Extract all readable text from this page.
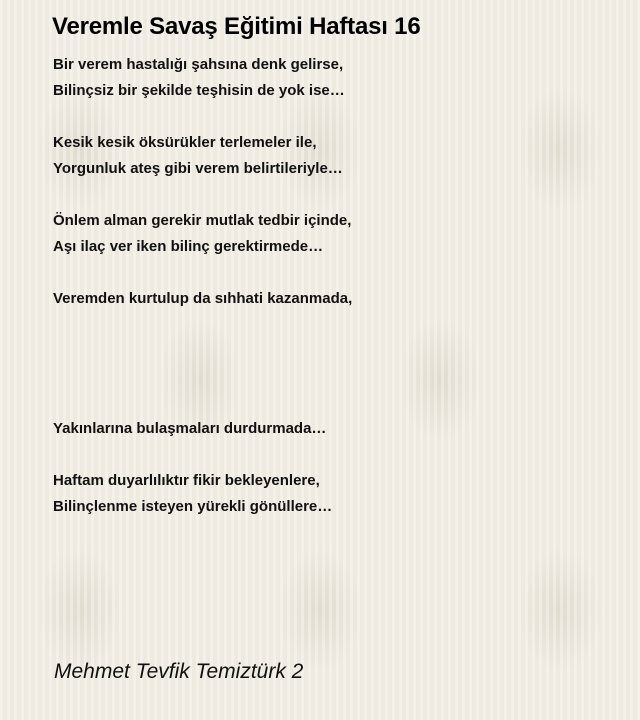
Veremle Savaş Eğitimi Haftası 16
Bir verem hastalığı şahsına denk gelirse,
Bilinçsiz bir şekilde teşhisin de yok ise…
Kesik kesik öksürükler terlemeler ile,
Yorgunluk ateş gibi verem belirtileriyle…
Önlem alman gerekir mutlak tedbir içinde,
Aşı ilaç ver iken bilinç gerektirmede…
Veremden kurtulup da sıhhati kazanmada,
Yakınlarına bulaşmaları durdurmada…
Haftam duyarlılıktır fikir bekleyenlere,
Bilinçlenme isteyen yürekli gönüllere…
Mehmet Tevfik Temiztürk 2
